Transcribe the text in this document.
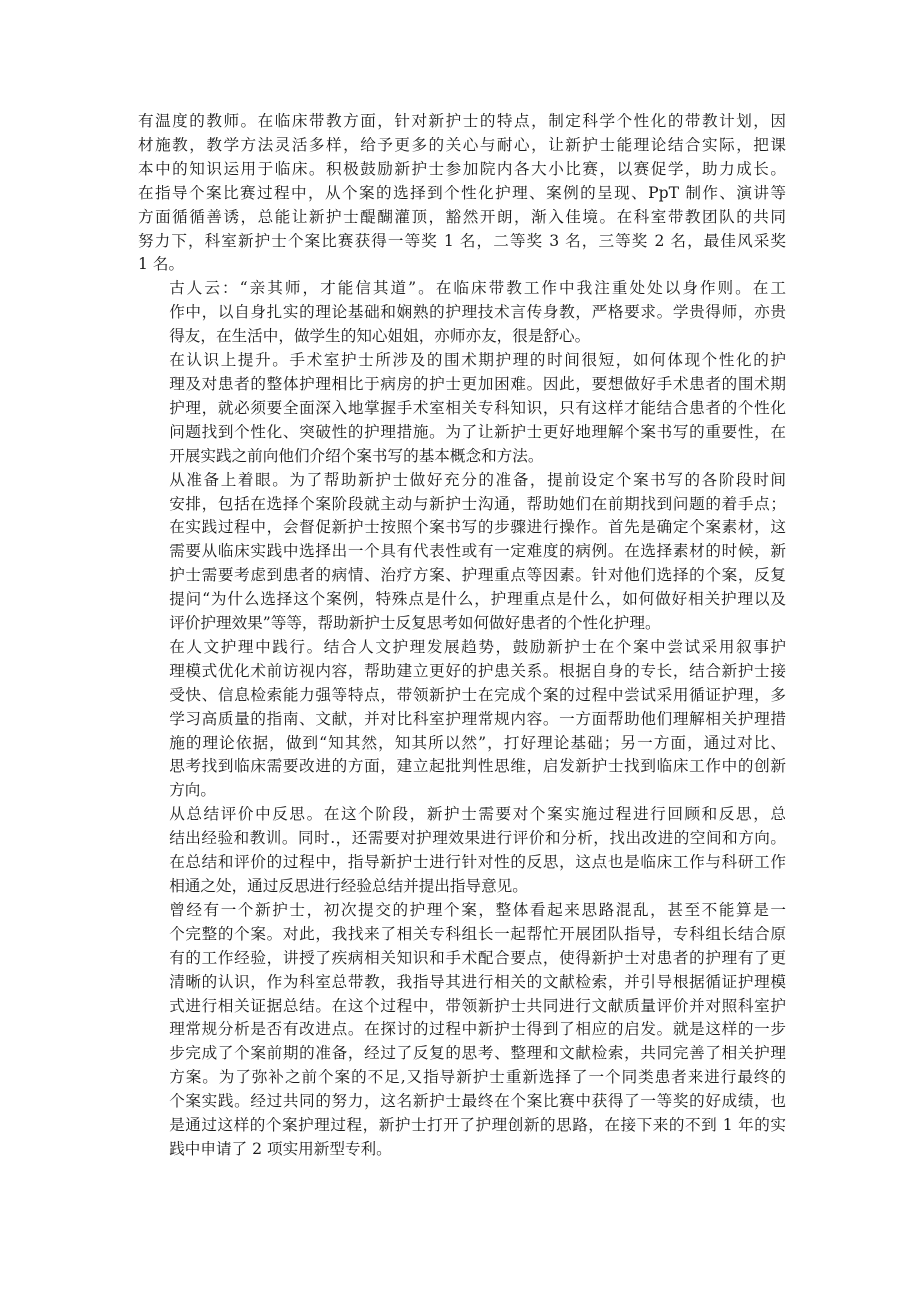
有温度的教师。在临床带教方面，针对新护士的特点，制定科学个性化的带教计划，因
材施教，教学方法灵活多样，给予更多的关心与耐心，让新护士能理论结合实际，把课
本中的知识运用于临床。积极鼓励新护士参加院内各大小比赛，以赛促学，助力成长。
在指导个案比赛过程中，从个案的选择到个性化护理、案例的呈现、PpT 制作、演讲等
方面循循善诱，总能让新护士醍醐灌顶，豁然开朗，渐入佳境。在科室带教团队的共同
努力下，科室新护士个案比赛获得一等奖 1 名，二等奖 3 名，三等奖 2 名，最佳风采奖
1 名。
古人云：“亲其师，才能信其道”。在临床带教工作中我注重处处以身作则。在工
作中，以自身扎实的理论基础和娴熟的护理技术言传身教，严格要求。学贵得师，亦贵
得友，在生活中，做学生的知心姐姐，亦师亦友，很是舒心。
在认识上提升。手术室护士所涉及的围术期护理的时间很短，如何体现个性化的护
理及对患者的整体护理相比于病房的护士更加困难。因此，要想做好手术患者的围术期
护理，就必须要全面深入地掌握手术室相关专科知识，只有这样才能结合患者的个性化
问题找到个性化、突破性的护理措施。为了让新护士更好地理解个案书写的重要性，在
开展实践之前向他们介绍个案书写的基本概念和方法。
从准备上着眼。为了帮助新护士做好充分的准备，提前设定个案书写的各阶段时间
安排，包括在选择个案阶段就主动与新护士沟通，帮助她们在前期找到问题的着手点；
在实践过程中，会督促新护士按照个案书写的步骤进行操作。首先是确定个案素材，这
需要从临床实践中选择出一个具有代表性或有一定难度的病例。在选择素材的时候，新
护士需要考虑到患者的病情、治疗方案、护理重点等因素。针对他们选择的个案，反复
提问“为什么选择这个案例，特殊点是什么，护理重点是什么，如何做好相关护理以及
评价护理效果”等等，帮助新护士反复思考如何做好患者的个性化护理。
在人文护理中践行。结合人文护理发展趋势，鼓励新护士在个案中尝试采用叙事护
理模式优化术前访视内容，帮助建立更好的护患关系。根据自身的专长，结合新护士接
受快、信息检索能力强等特点，带领新护士在完成个案的过程中尝试采用循证护理，多
学习高质量的指南、文献，并对比科室护理常规内容。一方面帮助他们理解相关护理措
施的理论依据，做到“知其然，知其所以然”，打好理论基础；另一方面，通过对比、
思考找到临床需要改进的方面，建立起批判性思维，启发新护士找到临床工作中的创新
方向。
从总结评价中反思。在这个阶段，新护士需要对个案实施过程进行回顾和反思，总
结出经验和教训。同时.，还需要对护理效果进行评价和分析，找出改进的空间和方向。
在总结和评价的过程中，指导新护士进行针对性的反思，这点也是临床工作与科研工作
相通之处，通过反思进行经验总结并提出指导意见。
曾经有一个新护士，初次提交的护理个案，整体看起来思路混乱，甚至不能算是一
个完整的个案。对此，我找来了相关专科组长一起帮忙开展团队指导，专科组长结合原
有的工作经验，讲授了疾病相关知识和手术配合要点，使得新护士对患者的护理有了更
清晰的认识，作为科室总带教，我指导其进行相关的文献检索，并引导根据循证护理模
式进行相关证据总结。在这个过程中，带领新护士共同进行文献质量评价并对照科室护
理常规分析是否有改进点。在探讨的过程中新护士得到了相应的启发。就是这样的一步
步完成了个案前期的准备，经过了反复的思考、整理和文献检索，共同完善了相关护理
方案。为了弥补之前个案的不足,又指导新护士重新选择了一个同类患者来进行最终的
个案实践。经过共同的努力，这名新护士最终在个案比赛中获得了一等奖的好成绩，也
是通过这样的个案护理过程，新护士打开了护理创新的思路，在接下来的不到 1 年的实
践中申请了 2 项实用新型专利。
